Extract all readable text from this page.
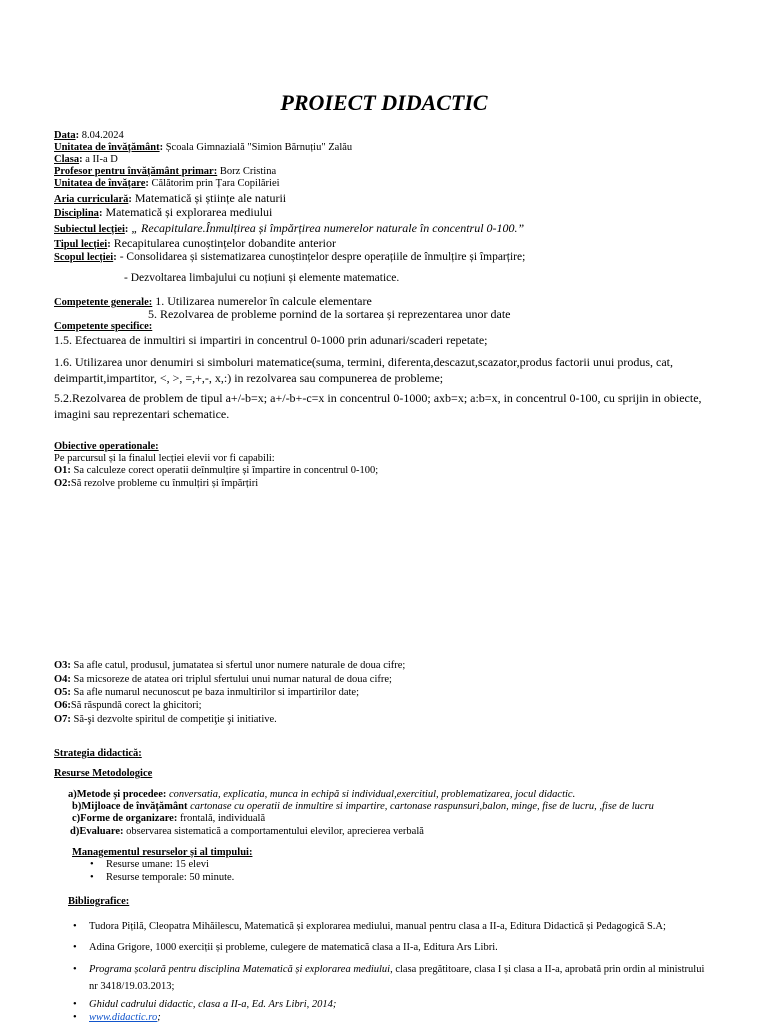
PROIECT DIDACTIC
Data: 8.04.2024
Unitatea de învățământ: Școala Gimnazială "Simion Bărnuțiu" Zalău
Clasa: a II-a D
Profesor pentru învățământ primar: Borz Cristina
Unitatea de învățare: Călătorim prin Țara Copilăriei
Aria curriculară: Matematică și științe ale naturii
Disciplina: Matematică și explorarea mediului
Subiectul lecției: „ Recapitulare.Înmulțirea și împărțirea numerelor naturale în concentrul 0-100.”
Tipul lecției: Recapitularea cunoștințelor dobandite anterior
Scopul lecției: - Consolidarea și sistematizarea cunoștințelor despre operațiile de înmulțire și împarțire;
- Dezvoltarea limbajului cu noțiuni și elemente matematice.
Competente generale: 1. Utilizarea numerelor în calcule elementare
5. Rezolvarea de probleme pornind de la sortarea și reprezentarea unor date
Competente specifice:
1.5. Efectuarea de inmultiri si impartiri in concentrul 0-1000 prin adunari/scaderi repetate;
1.6. Utilizarea unor denumiri si simboluri matematice(suma, termini, diferenta,descazut,scazator,produs factorii unui produs, cat, deimpartit,impartitor, <, >, =,+,-, x,:) in rezolvarea sau compunerea de probleme;
5.2.Rezolvarea de problem de tipul a+/-b=x; a+/-b+-c=x in concentrul 0-1000; axb=x; a:b=x, in concentrul 0-100, cu sprijin in obiecte, imagini sau reprezentari schematice.
Obiective operationale:
Pe parcursul și la finalul lecției elevii vor fi capabili:
O1: Sa calculeze corect operatii deînmulțire și împartire in concentrul 0-100;
O2:Să rezolve probleme cu înmulțiri și împărțiri
O3: Sa afle catul, produsul, jumatatea si sfertul unor numere naturale de doua cifre;
O4: Sa micsoreze de atatea ori triplul sfertului unui numar natural de doua cifre;
O5: Sa afle numarul necunoscut pe baza inmultirilor si impartirilor date;
O6:Să răspundă corect la ghicitori;
O7: Să-şi dezvolte spiritul de competiţie şi initiative.
Strategia didactică:
Resurse Metodologice
a)Metode și procedee: conversatia, explicatia, munca in echipă si individual,exercitiul, problematizarea, jocul didactic.
b)Mijloace de învățământ cartonase cu operatii de inmultire si impartire, cartonase raspunsuri,balon, minge, fise de lucru, ,fise de lucru
c)Forme de organizare: frontală, individuală
d)Evaluare: observarea sistematică a comportamentului elevilor, aprecierea verbală
Managementul resurselor și al timpului:
• Resurse umane: 15 elevi
• Resurse temporale: 50 minute.
Bibliografice:
• Tudora Pițilă, Cleopatra Mihăilescu, Matematică și explorarea mediului, manual pentru clasa a II-a, Editura Didactică și Pedagogică S.A;
• Adina Grigore, 1000 exerciții și probleme, culegere de matematică clasa a II-a, Editura Ars Libri.
• Programa școlară pentru disciplina Matematică și explorarea mediului, clasa pregătitoare, clasa I și clasa a II-a, aprobată prin ordin al ministrului
nr 3418/19.03.2013;
• Ghidul cadrului didactic, clasa a II-a, Ed. Ars Libri, 2014;
• www.didactic.ro;
